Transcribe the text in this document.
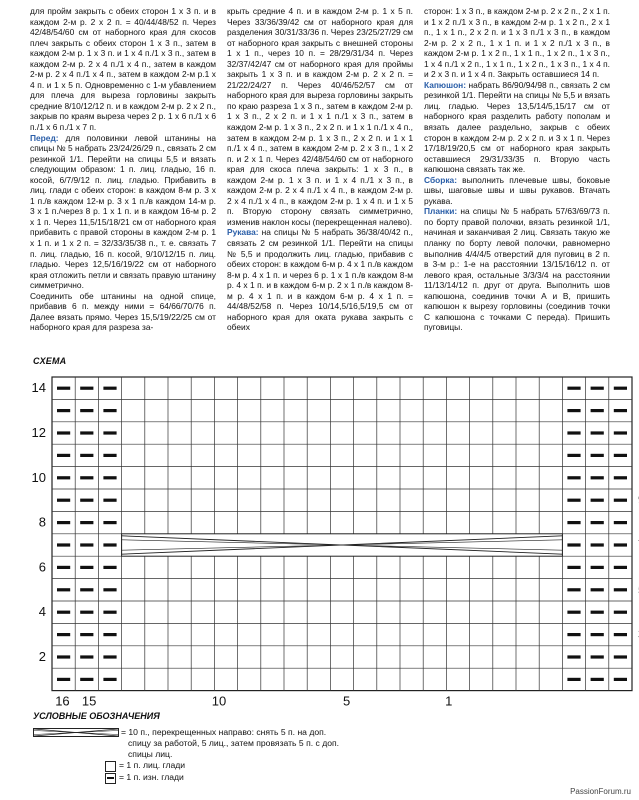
для пройм закрыть с обеих сторон 1 х 3 п. и в каждом 2-м р. 2 х 2 п. = 40/44/48/52 п. Через 42/48/54/60 см от наборного края для скосов плеч закрыть с обеих сторон 1 х 3 п., затем в каждом 2-м р. 1 х 3 п. и 1 х 4 п./1 х 3 п., затем в каждом 2-м р. 2 х 4 п./1 х 4 п., затем в каждом 2-м р. 2 х 4 п./1 х 4 п., затем в каждом 2-м р.1 х 4 п. и 1 х 5 п. Одновременно с 1-м убавлением для плеча для выреза горловины закрыть средние 8/10/12/12 п. и в каждом 2-м р. 2 х 2 п., закрыв по краям выреза через 2 р. 1 х 6 п./1 х 6 п./1 х 6 п./1 х 7 п.

Перед: для половинки левой штанины на спицы № 5 набрать 23/24/26/29 п., связать 2 см резинкой 1/1. Перейти на спицы 5,5 и вязать следующим образом: 1 п. лиц. гладью, 16 п. косой, 6/7/9/12 п. лиц. гладью. Прибавить в лиц. глади с обеих сторон: в каждом 8-м р. 3 х 1 п./в каждом 12-м р. 3 х 1 п./в каждом 14-м р. 3 х 1 п./через 8 р. 1 х 1 п. и в каждом 16-м р. 2 х 1 п. Через 11,5/15/18/21 см от наборного края прибавить с правой стороны в каждом 2-м р. 1 х 1 п. и 1 х 2 п. = 32/33/35/38 п., т. е. связать 7 п. лиц. гладью, 16 п. косой, 9/10/12/15 п. лиц. гладью. Через 12,5/16/19/22 см от наборного края отложить петли и связать правую штанину симметрично.

Соединить обе штанины на одной спице, прибавив 6 п. между ними = 64/66/70/76 п. Далее вязать прямо. Через 15,5/19/22/25 см от наборного края для разреза за-

крыть средние 4 п. и в каждом 2-м р. 1 х 5 п. Через 33/36/39/42 см от наборного края для разделения 30/31/33/36 п. Через 23/25/27/29 см от наборного края закрыть с внешней стороны 1 х 1 п., через 10 п. = 28/29/31/34 п. Через 32/37/42/47 см от наборного края для проймы закрыть 1 х 3 п. и в каждом 2-м р. 2 х 2 п. = 21/22/24/27 п. Через 40/46/52/57 см от наборного края для выреза горловины закрыть по краю разреза 1 х 3 п., затем в каждом 2-м р. 1 х 3 п., 2 х 2 п. и 1 х 1 п./1 х 3 п., затем в каждом 2-м р. 1 х 3 п., 2 х 2 п. и 1 х 1 п./1 х 4 п., затем в каждом 2-м р. 1 х 3 п., 2 х 2 п. и 1 х 1 п./1 х 4 п., затем в каждом 2-м р. 2 х 3 п., 1 х 2 п. и 2 х 1 п. Через 42/48/54/60 см от наборного края для скоса плеча закрыть: 1 х 3 п., в каждом 2-м р. 1 х 3 п. и 1 х 4 п./1 х 3 п., в каждом 2-м р. 2 х 4 п./1 х 4 п., в каждом 2-м р. 2 х 4 п./1 х 4 п., в каждом 2-м р. 1 х 4 п. и 1 х 5 п. Вторую сторону связать симметрично, изменив наклон косы (перекрещенная налево).

Рукава: на спицы № 5 набрать 36/38/40/42 п., связать 2 см резинкой 1/1. Перейти на спицы № 5,5 и продолжить лиц. гладью, прибавив с обеих сторон: в каждом 6-м р. 4 х 1 п./в каждом 8-м р. 4 х 1 п. и через 6 р. 1 х 1 п./в каждом 8-м р. 4 х 1 п. и в каждом 6-м р. 2 х 1 п./в каждом 8-м р. 4 х 1 п. и в каждом 6-м р. 4 х 1 п. = 44/48/52/58 п. Через 10/14,5/16,5/19,5 см от наборного края для оката рукава закрыть с обеих

сторон: 1 х 3 п., в каждом 2-м р. 2 х 2 п., 2 х 1 п. и 1 х 2 п./1 х 3 п., в каждом 2-м р. 1 х 2 п., 2 х 1 п., 1 х 1 п., 2 х 2 п. и 1 х 3 п./1 х 3 п., в каждом 2-м р. 2 х 2 п., 1 х 1 п. и 1 х 2 п./1 х 3 п., в каждом 2-м р. 1 х 2 п., 1 х 1 п., 1 х 2 п., 1 х 3 п., 1 х 4 п./1 х 2 п., 1 х 1 п., 1 х 2 п., 1 х 3 п., 1 х 4 п. и 2 х 3 п. и 1 х 4 п. Закрыть оставшиеся 14 п.

Капюшон: набрать 86/90/94/98 п., связать 2 см резинкой 1/1. Перейти на спицы № 5,5 и вязать лиц. гладью. Через 13,5/14/5,15/17 см от наборного края разделить работу пополам и вязать далее раздельно, закрыв с обеих сторон в каждом 2-м р. 2 х 2 п. и 3 х 1 п. Через 17/18/19/20,5 см от наборного края закрыть оставшиеся 29/31/33/35 п. Вторую часть капюшона связать так же.

Сборка: выполнить плечевые швы, боковые швы, шаговые швы и швы рукавов. Втачать рукава.

Планки: на спицы № 5 набрать 57/63/69/73 п. по борту правой полочки, вязать резинкой 1/1, начиная и заканчивая 2 лиц. Связать такую же планку по борту левой полочки, равномерно выполнив 4/4/4/5 отверстий для пуговиц в 2 п. в 3-м р.: 1-е на расстоянии 13/15/16/12 п. от левого края, остальные 3/3/3/4 на расстоянии 11/13/14/12 п. друг от друга. Выполнить шов капюшона, соединив точки А и В, пришить капюшон к вырезу горловины (соединив точки С капюшона с точками С переда). Пришить пуговицы.

СХЕМА
14
12
10
8
6
4
2
16 15	10	5	1
УСЛОВНЫЕ ОБОЗНАЧЕНИЯ
= 10 п., перекрещенных направо: снять 5 п. на доп.
спицу за работой, 5 лиц., затем провязать 5 п. с доп.
спицы лиц.
= 1 п. лиц. глади
= 1 п. изн. глади
PassionForum.ru
